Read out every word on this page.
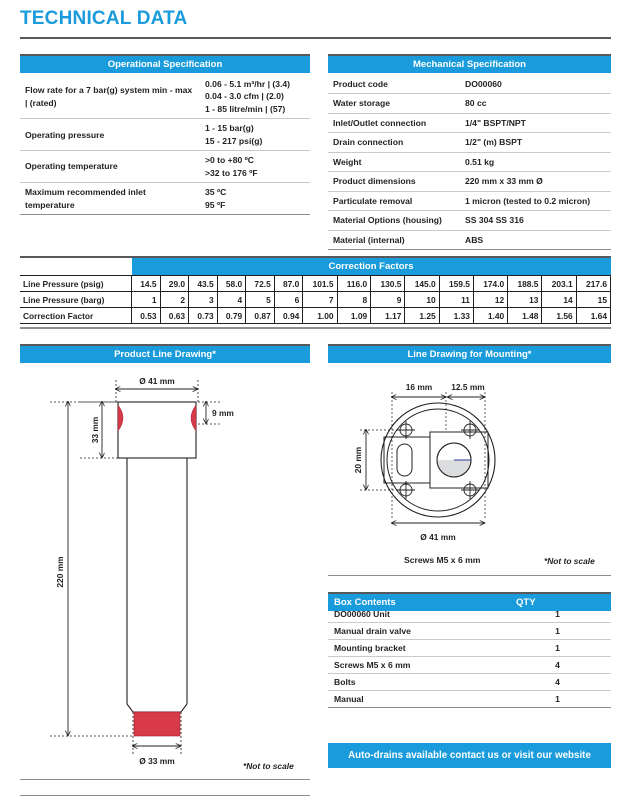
TECHNICAL DATA
Operational Specification
Flow rate for a 7 bar(g) system min - max | (rated)	0.06 - 5.1 m³/hr | (3.4)
0.04 - 3.0 cfm | (2.0)
1 - 85 litre/min | (57)

Operating pressure	1 - 15 bar(g)
15 - 217 psi(g)

Operating temperature	>0 to +80 ºC
>32 to 176 ºF

Maximum recommended inlet temperature	35 ºC
95 ºF
Mechanical Specification
Product code	DO00060
Water storage	80 cc
Inlet/Outlet connection	1/4" BSPT/NPT
Drain connection	1/2" (m) BSPT
Weight	0.51 kg
Product dimensions	220 mm x 33 mm Ø
Particulate removal	1 micron (tested to 0.2 micron)
Material Options (housing)	SS 304 SS 316
Material (internal)	ABS
	Correction Factors														
Line Pressure (psig)	14.5	29.0	43.5	58.0	72.5	87.0	101.5	116.0	130.5	145.0	159.5	174.0	188.5	203.1	217.6
Line Pressure (barg)	1	2	3	4	5	6	7	8	9	10	11	12	13	14	15
Correction Factor	0.53	0.63	0.73	0.79	0.87	0.94	1.00	1.09	1.17	1.25	1.33	1.40	1.48	1.56	1.64
Product Line Drawing*
Ø 41 mm
9 mm
33 mm
220 mm
Ø 33 mm	*Not to scale
Line Drawing for Mounting*
16 mm 12.5 mm
20 mm
Ø 41 mm
Screws M5 x 6 mm	*Not to scale
Box Contents	QTY
DO00060 Unit	1
Manual drain valve	1
Mounting bracket	1
Screws M5 x 6 mm	4
Bolts	4
Manual	1
Auto-drains available contact us or visit our website
